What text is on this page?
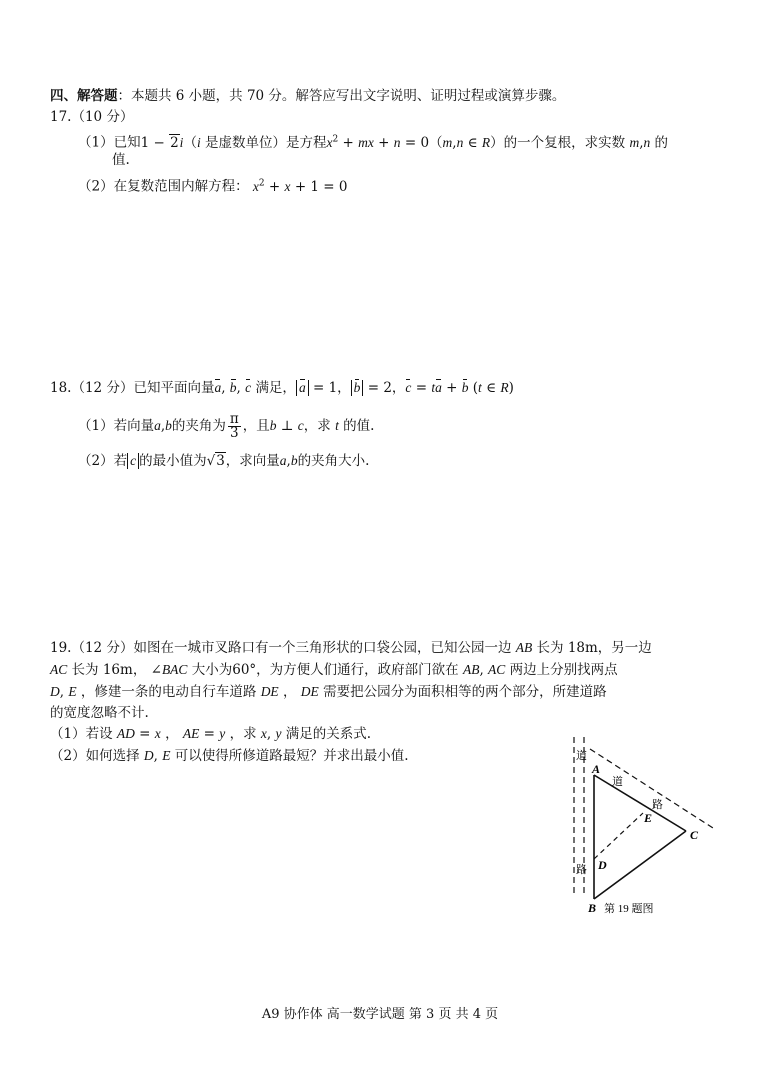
四、解答题：本题共 6 小题，共 70 分。解答应写出文字说明、证明过程或演算步骤。
17.（10 分）
（1）已知1 − 2i（i 是虚数单位）是方程$x^2$ + mx + n = 0（m,n ∈ R）的一个复根，求实数 m,n 的
值.
（2）在复数范围内解方程： $x^2 + x + 1 = 0$
18.（12 分）已知平面向量a, b, c 满足， a = 1， b = 2，c = ta + b (t ∈ R)
（1）若向量a,b的夹角为 $\frac{\pi}{3}$ ，且b ⊥ c，求 t 的值.
（2）若 c 的最小值为√3，求向量a,b的夹角大小.
19.（12 分）如图在一城市叉路口有一个三角形状的口袋公园，已知公园一边 AB 长为 18m，另一边
AC 长为 16m， ∠BAC 大小为60°，为方便人们通行，政府部门欲在 AB, AC 两边上分别找两点
D, E ，修建一条的电动自行车道路 DE ， DE 需要把公园分为面积相等的两个部分，所建道路
的宽度忽略不计.
（1）若设 AD = x ， AE = y ，求 x, y 满足的关系式.
（2）如何选择 D, E 可以使得所修道路最短？并求出最小值.
A
B
C
D
E
道
路
道
路
第 19 题图
A9 协作体 高一数学试题 第 3 页 共 4 页
